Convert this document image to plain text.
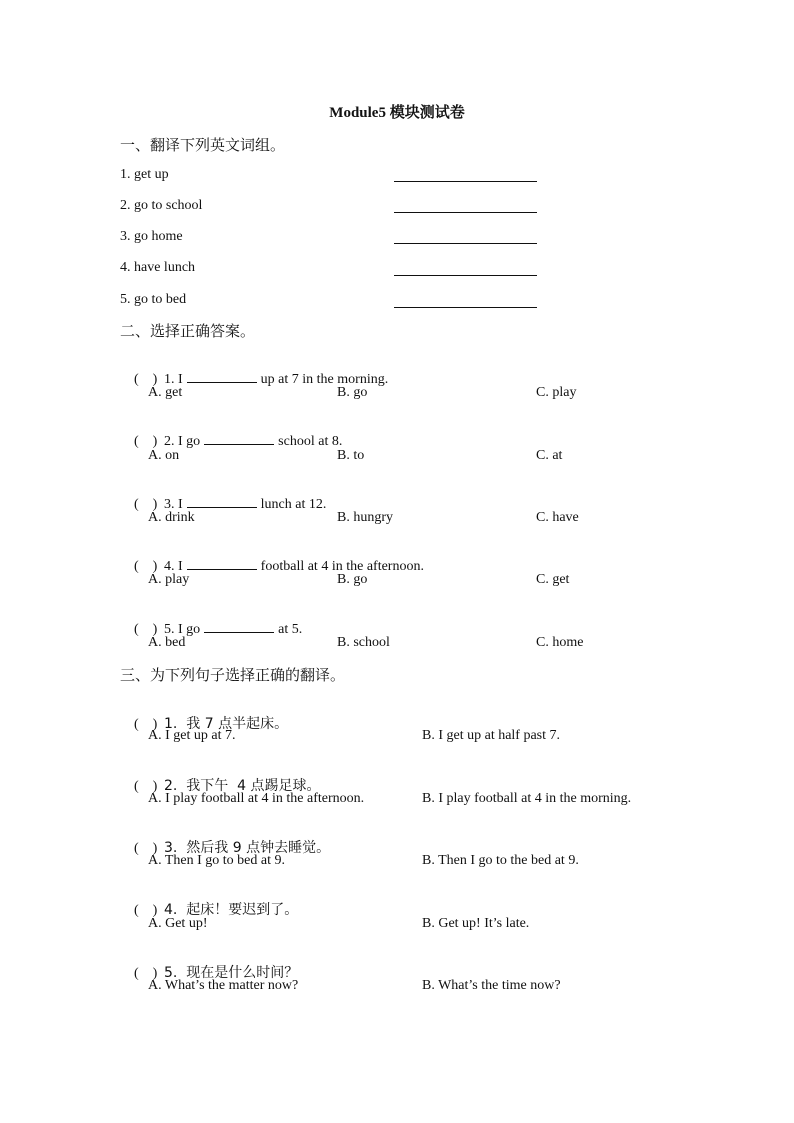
Module5 模块测试卷
一、翻译下列英文词组。
1. get up
2. go to school
3. go home
4. have lunch
5. go to bed
二、选择正确答案。

(    ) 1. I	up at 7 in the morning.

A. get	B. go	C. play

(    ) 2. I go	school at 8.

A. on	B. to	C. at

(    ) 3. I	lunch at 12.

A. drink	B. hungry	C. have

(    ) 4. I	football at 4 in the afternoon.

A. play	B. go	C. get

(    ) 5. I go	at 5.

A. bed	B. school	C. home
三、为下列句子选择正确的翻译。

(    ) 1.  我 7 点半起床。

A. I get up at 7.	B. I get up at half past 7.

(    ) 2.  我下午  4 点踢足球。

A. I play football at 4 in the afternoon.	B. I play football at 4 in the morning.

(    ) 3.  然后我 9 点钟去睡觉。

A. Then I go to bed at 9.	B. Then I go to the bed at 9.

(    ) 4.  起床！要迟到了。

A. Get up!	B. Get up! It’s late.

(    ) 5.  现在是什么时间？

A. What’s the matter now?	B. What’s the time now?
